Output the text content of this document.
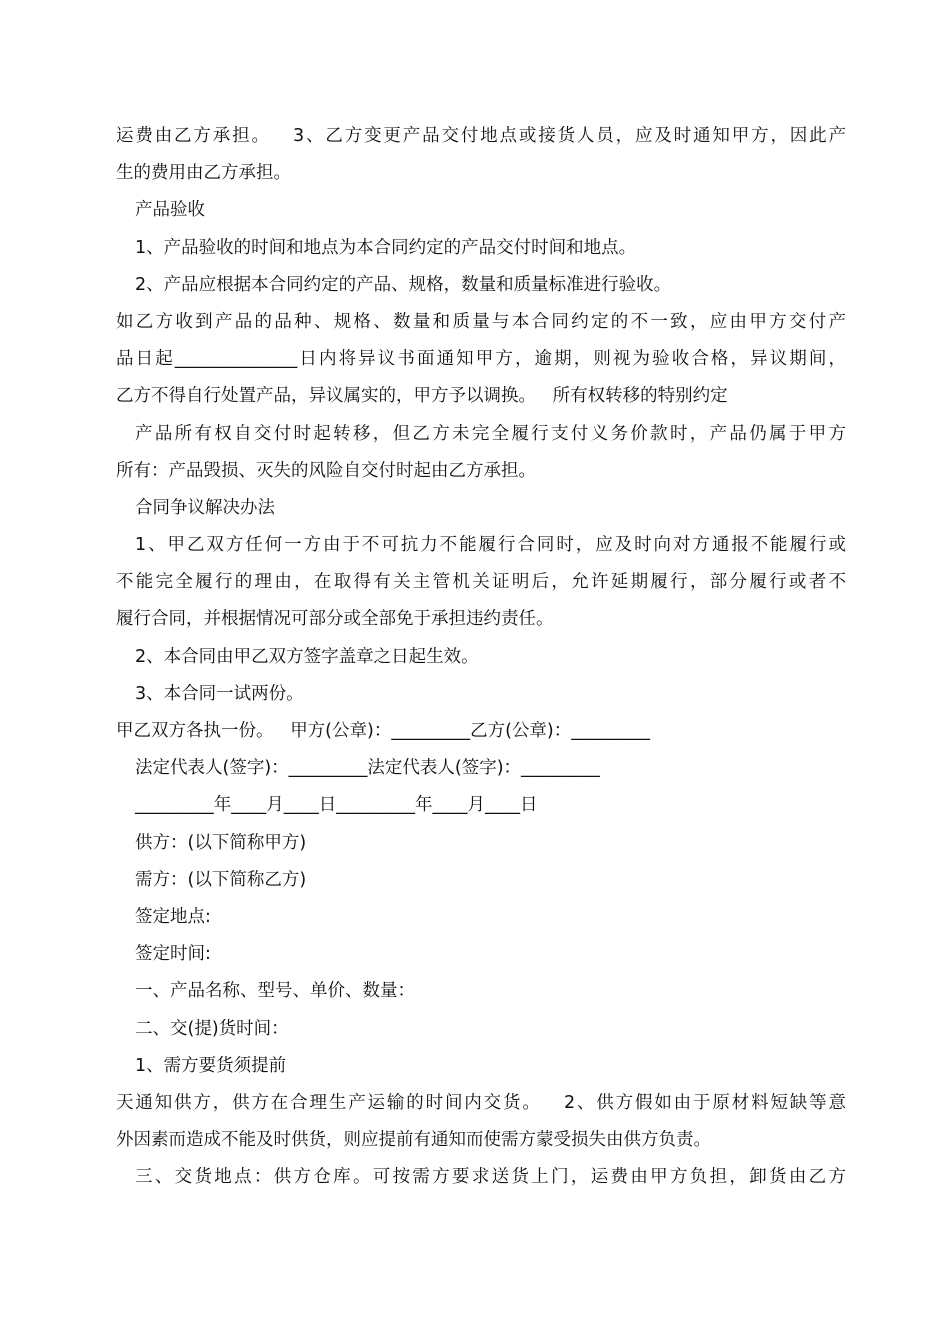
运费由乙方承担。   3、乙方变更产品交付地点或接货人员，应及时通知甲方，因此产
生的费用由乙方承担。
产品验收
1、产品验收的时间和地点为本合同约定的产品交付时间和地点。
2、产品应根据本合同约定的产品、规格，数量和质量标准进行验收。
如乙方收到产品的品种、规格、数量和质量与本合同约定的不一致，应由甲方交付产
品日起______________日内将异议书面通知甲方，逾期，则视为验收合格，异议期间，
乙方不得自行处置产品，异议属实的，甲方予以调换。   所有权转移的特别约定
产品所有权自交付时起转移，但乙方未完全履行支付义务价款时，产品仍属于甲方
所有：产品毁损、灭失的风险自交付时起由乙方承担。
合同争议解决办法
1、甲乙双方任何一方由于不可抗力不能履行合同时，应及时向对方通报不能履行或
不能完全履行的理由，在取得有关主管机关证明后，允许延期履行，部分履行或者不
履行合同，并根据情况可部分或全部免于承担违约责任。
2、本合同由甲乙双方签字盖章之日起生效。
3、本合同一试两份。
甲乙双方各执一份。   甲方(公章)：_________乙方(公章)：_________
法定代表人(签字)：_________法定代表人(签字)：_________
_________年____月____日_________年____月____日
供方：(以下简称甲方)
需方：(以下简称乙方)
签定地点:
签定时间:
一、产品名称、型号、单价、数量：
二、交(提)货时间：
1、需方要货须提前
天通知供方，供方在合理生产运输的时间内交货。   2、供方假如由于原材料短缺等意
外因素而造成不能及时供货，则应提前有通知而使需方蒙受损失由供方负责。
三、交货地点：供方仓库。可按需方要求送货上门，运费由甲方负担，卸货由乙方
